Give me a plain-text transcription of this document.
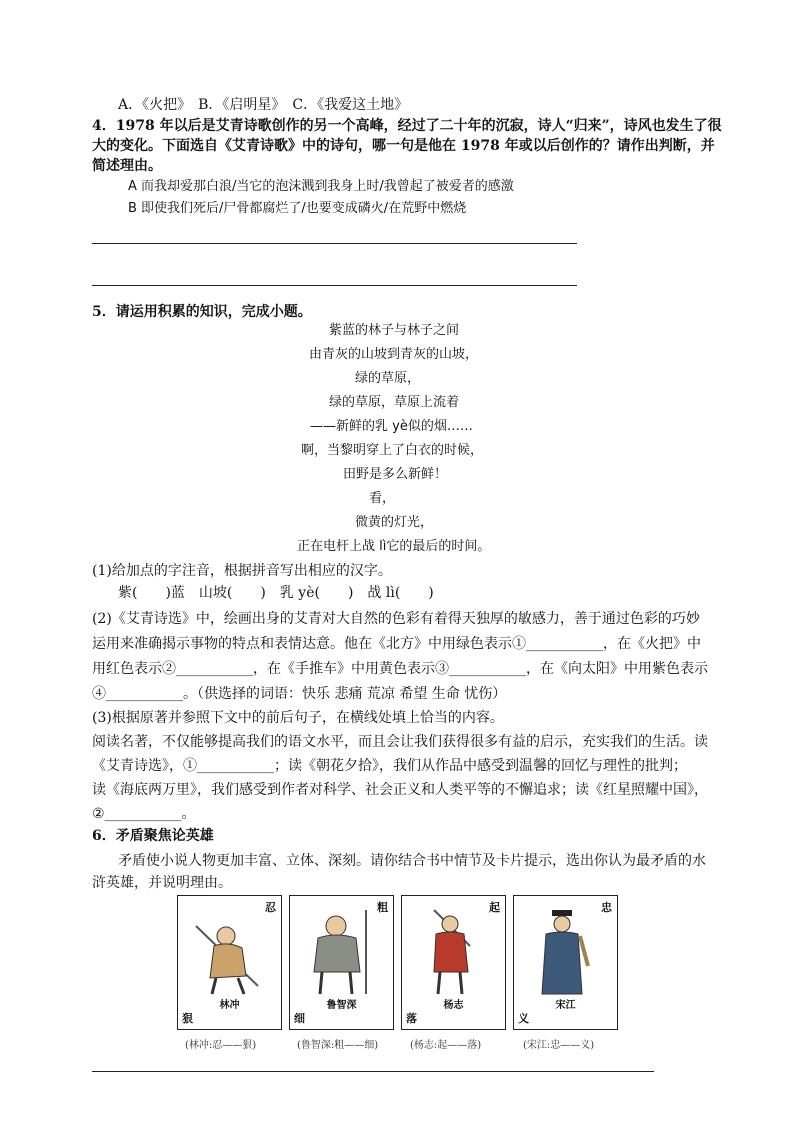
A．《火把》　B．《启明星》　C．《我爱这土地》
4．1978 年以后是艾青诗歌创作的另一个高峰，经过了二十年的沉寂，诗人“归来”，诗风也发生了很
大的变化。下面选自《艾青诗歌》中的诗句，哪一句是他在 1978 年或以后创作的？请作出判断，并
简述理由。
A 而我却爱那白浪/当它的泡沫溅到我身上时/我曾起了被爱者的感激
B 即使我们死后/尸骨都腐烂了/也要变成磷火/在荒野中燃烧
5．请运用积累的知识，完成小题。
紫蓝的林子与林子之间
由青灰的山坡到青灰的山坡，
绿的草原，
绿的草原，草原上流着
——新鲜的乳 yè似的烟……
啊，当黎明穿上了白衣的时候，
田野是多么新鲜！
看，
微黄的灯光，
正在电杆上战 lì它的最后的时间。
(1)给加点的字注音，根据拼音写出相应的汉字。
紫(　　)蓝　山坡(　　)　乳 yè(　　)　战 lì(　　)
(2)《艾青诗选》中，绘画出身的艾青对大自然的色彩有着得天独厚的敏感力，善于通过色彩的巧妙
运用来准确揭示事物的特点和表情达意。他在《北方》中用绿色表示①___________，在《火把》中
用红色表示②___________，在《手推车》中用黄色表示③___________，在《向太阳》中用紫色表示
④___________。（供选择的词语：快乐 悲痛 荒凉 希望 生命 忧伤）
(3)根据原著并参照下文中的前后句子，在横线处填上恰当的内容。
阅读名著，不仅能够提高我们的语文水平，而且会让我们获得很多有益的启示，充实我们的生活。读
《艾青诗选》，①___________；读《朝花夕拾》，我们从作品中感受到温馨的回忆与理性的批判；
读《海底两万里》，我们感受到作者对科学、社会正义和人类平等的不懈追求；读《红星照耀中国》，
②___________。
6．矛盾聚焦论英雄
矛盾使小说人物更加丰富、立体、深刻。请你结合书中情节及卡片提示，选出你认为最矛盾的水
浒英雄，并说明理由。
忍
林冲
狠
粗
鲁智深
细
起
杨志
落
忠
宋江
义
(林冲:忍——狠)	(鲁智深:粗——细)	(杨志:起——落)	(宋江:忠——义)
